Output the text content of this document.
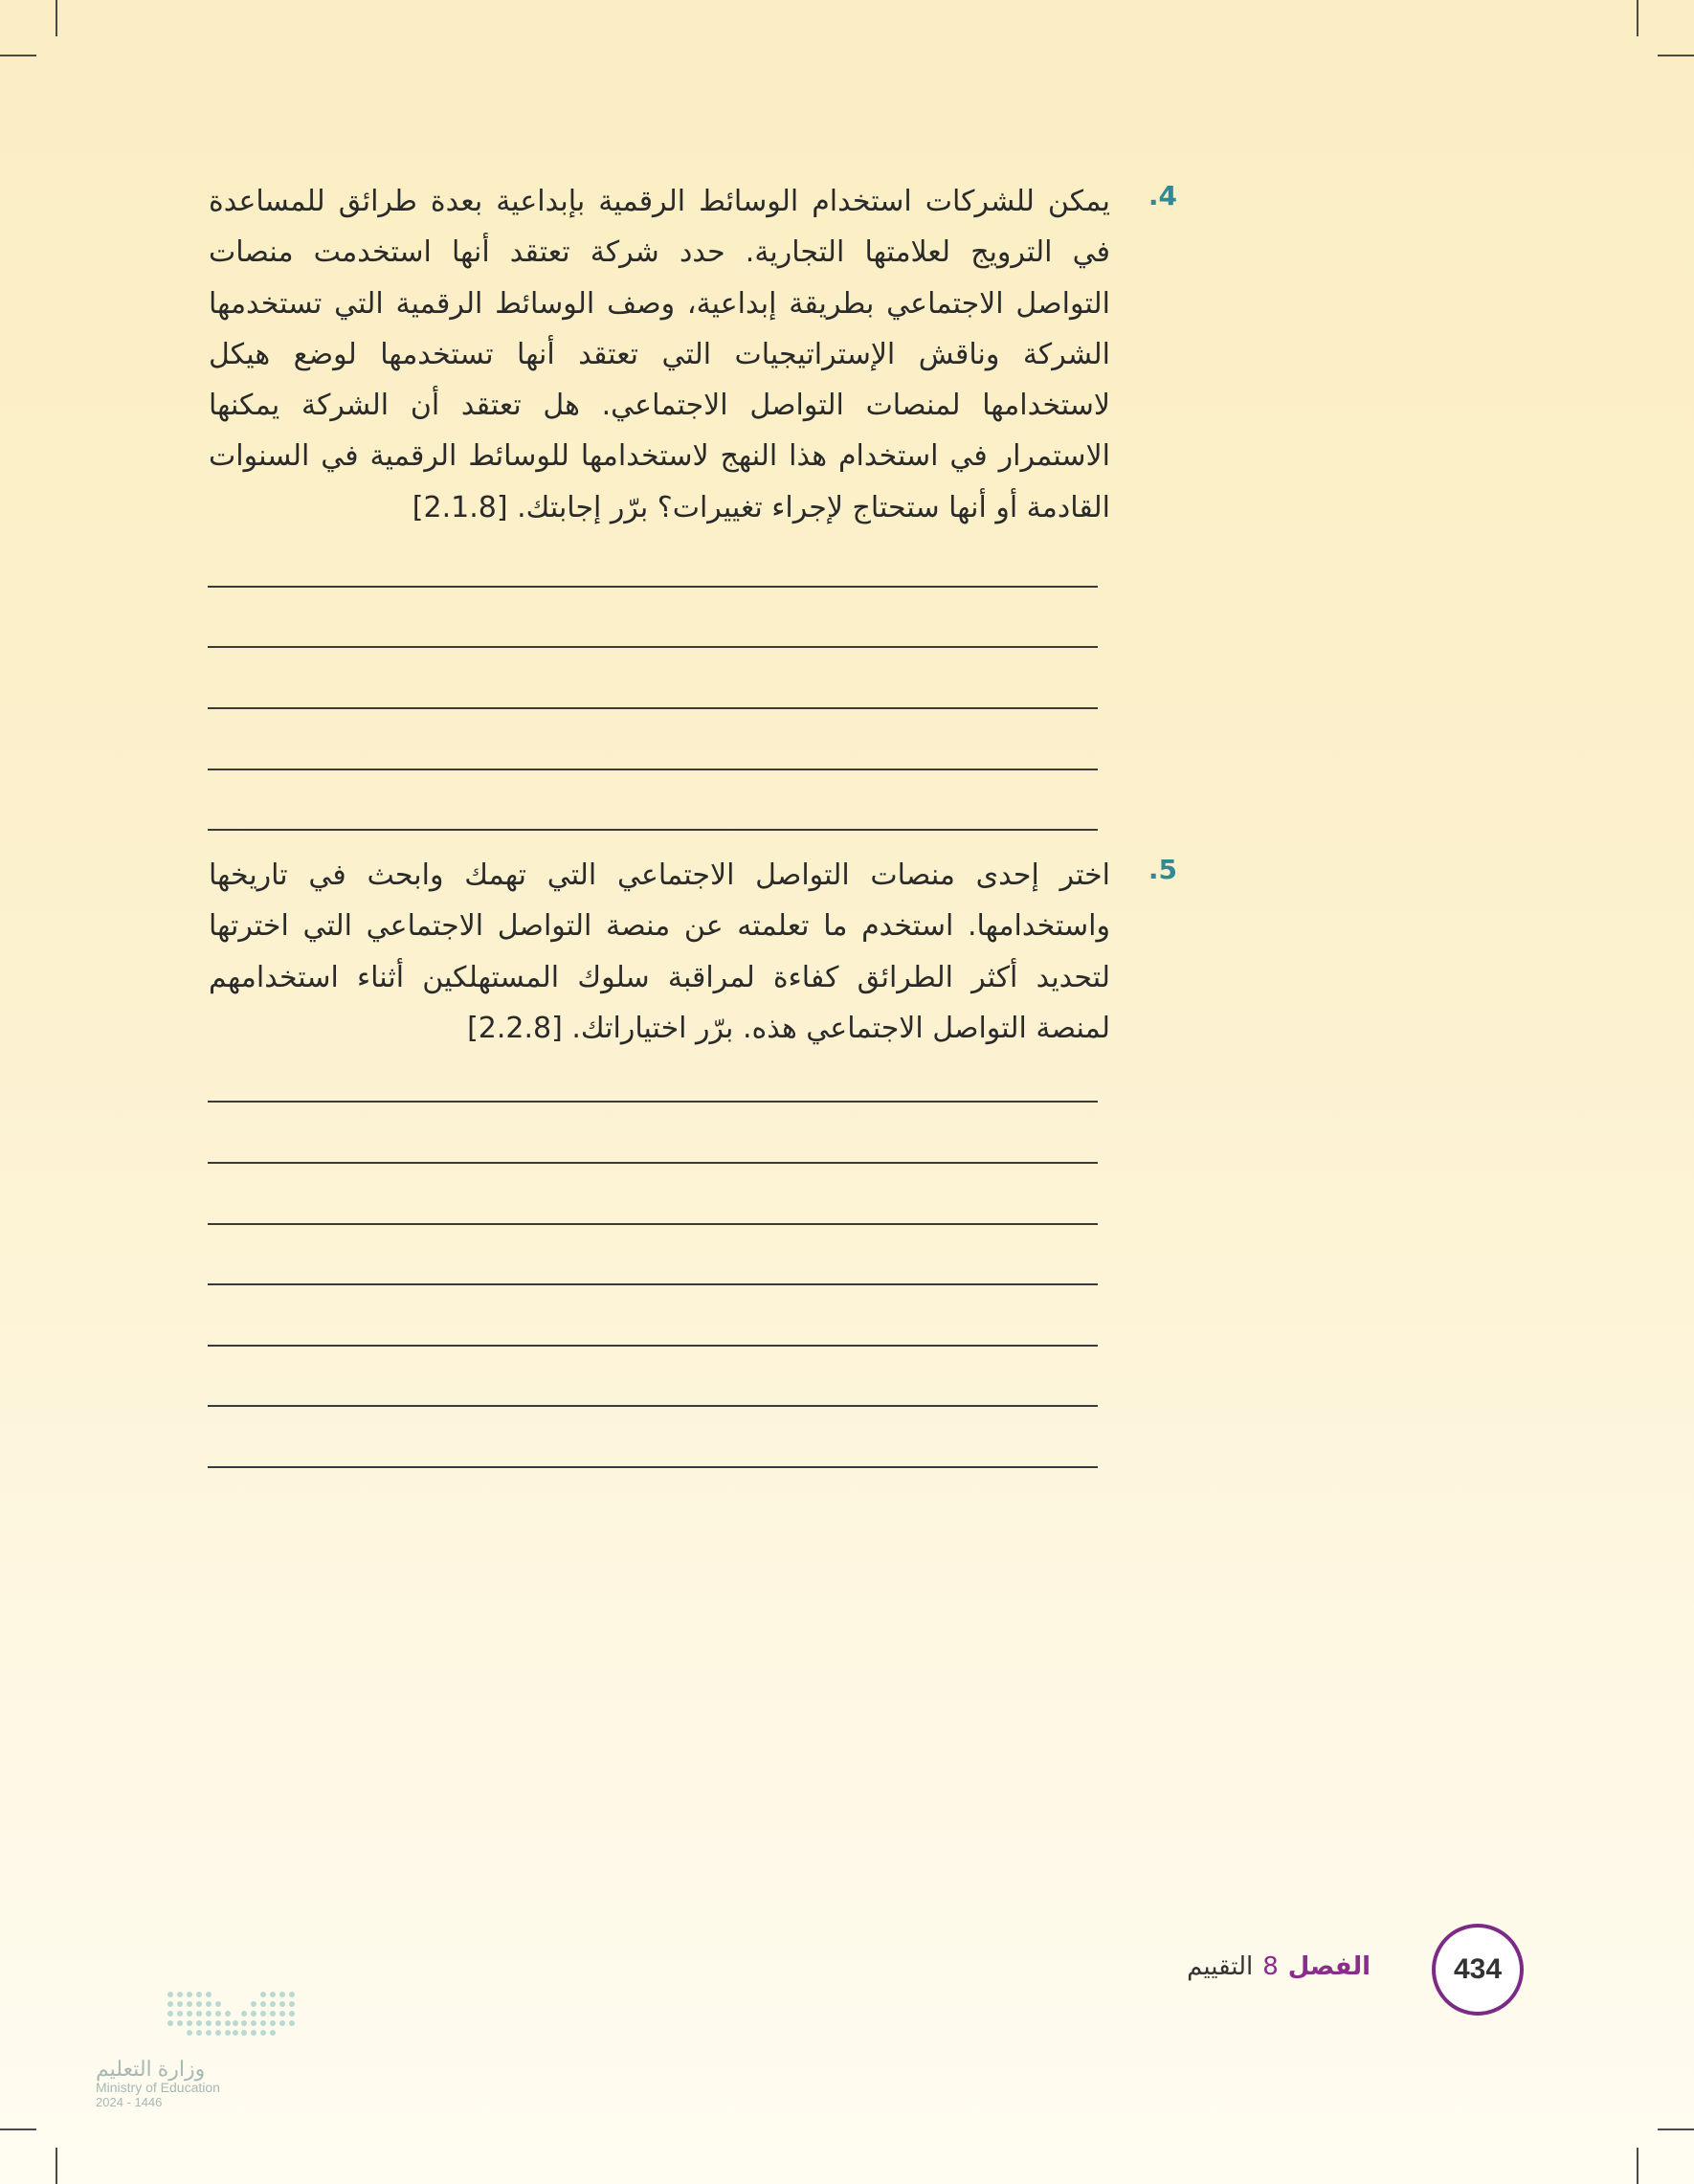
.4
يمكن للشركات استخدام الوسائط الرقمية بإبداعية بعدة طرائق للمساعدة في الترويج لعلامتها التجارية. حدد شركة تعتقد أنها استخدمت منصات التواصل الاجتماعي بطريقة إبداعية، وصف الوسائط الرقمية التي تستخدمها الشركة وناقش الإستراتيجيات التي تعتقد أنها تستخدمها لوضع هيكل لاستخدامها لمنصات التواصل الاجتماعي. هل تعتقد أن الشركة يمكنها الاستمرار في استخدام هذا النهج لاستخدامها للوسائط الرقمية في السنوات القادمة أو أنها ستحتاج لإجراء تغييرات؟ برّر إجابتك. [2.1.8]
.5
اختر إحدى منصات التواصل الاجتماعي التي تهمك وابحث في تاريخها واستخدامها. استخدم ما تعلمته عن منصة التواصل الاجتماعي التي اخترتها لتحديد أكثر الطرائق كفاءة لمراقبة سلوك المستهلكين أثناء استخدامهم لمنصة التواصل الاجتماعي هذه. برّر اختياراتك. [2.2.8]
434
الفصل8التقييم
وزارة التعليم
Ministry of Education
2024 - 1446
